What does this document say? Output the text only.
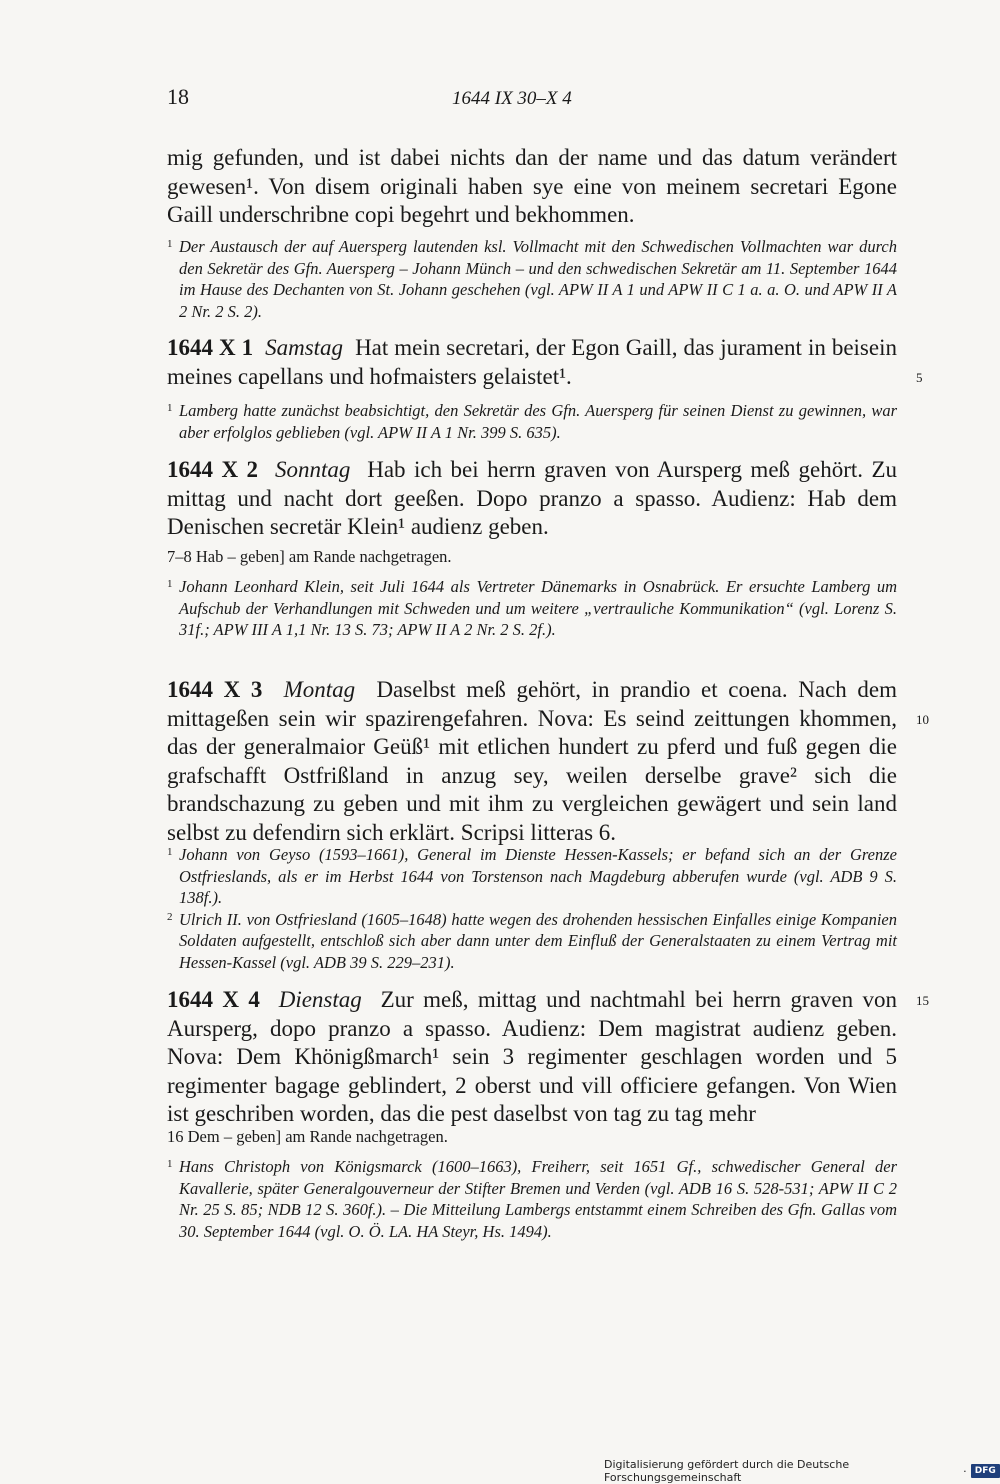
18	1644 IX 30–X 4
mig gefunden, und ist dabei nichts dan der name und das datum verändert gewesen¹. Von disem originali haben sye eine von meinem secretari Egone Gaill underschribne copi begehrt und bekhommen.
1 Der Austausch der auf Auersperg lautenden ksl. Vollmacht mit den Schwedischen Vollmachten war durch den Sekretär des Gfn. Auersperg – Johann Münch – und den schwedischen Sekretär am 11. September 1644 im Hause des Dechanten von St. Johann geschehen (vgl. APW II A 1 und APW II C 1 a. a. O. und APW II A 2 Nr. 2 S. 2).
1644 X 1 Samstag Hat mein secretari, der Egon Gaill, das jurament in beisein meines capellans und hofmaisters gelaistet¹.
1 Lamberg hatte zunächst beabsichtigt, den Sekretär des Gfn. Auersperg für seinen Dienst zu gewinnen, war aber erfolglos geblieben (vgl. APW II A 1 Nr. 399 S. 635).
1644 X 2 Sonntag Hab ich bei herrn graven von Aursperg meß gehört. Zu mittag und nacht dort geeßen. Dopo pranzo a spasso. Audienz: Hab dem Denischen secretär Klein¹ audienz geben.
7–8 Hab – geben] am Rande nachgetragen.
1 Johann Leonhard Klein, seit Juli 1644 als Vertreter Dänemarks in Osnabrück. Er ersuchte Lamberg um Aufschub der Verhandlungen mit Schweden und um weitere „vertrauliche Kommunikation“ (vgl. Lorenz S. 31f.; APW III A 1,1 Nr. 13 S. 73; APW II A 2 Nr. 2 S. 2f.).
1644 X 3 Montag Daselbst meß gehört, in prandio et coena. Nach dem mittageßen sein wir spazirengefahren. Nova: Es seind zeittungen khommen, das der generalmaior Geüß¹ mit etlichen hundert zu pferd und fuß gegen die grafschafft Ostfrißland in anzug sey, weilen derselbe grave² sich die brandschazung zu geben und mit ihm zu vergleichen gewägert und sein land selbst zu defendirn sich erklärt. Scripsi litteras 6.
1 Johann von Geyso (1593–1661), General im Dienste Hessen-Kassels; er befand sich an der Grenze Ostfrieslands, als er im Herbst 1644 von Torstenson nach Magdeburg abberufen wurde (vgl. ADB 9 S. 138f.).
2 Ulrich II. von Ostfriesland (1605–1648) hatte wegen des drohenden hessischen Einfalles einige Kompanien Soldaten aufgestellt, entschloß sich aber dann unter dem Einfluß der Generalstaaten zu einem Vertrag mit Hessen-Kassel (vgl. ADB 39 S. 229–231).
1644 X 4 Dienstag Zur meß, mittag und nachtmahl bei herrn graven von Aursperg, dopo pranzo a spasso. Audienz: Dem magistrat audienz geben. Nova: Dem Khönigßmarch¹ sein 3 regimenter geschlagen worden und 5 regimenter bagage geblindert, 2 oberst und vill officiere gefangen. Von Wien ist geschriben worden, das die pest daselbst von tag zu tag mehr
16 Dem – geben] am Rande nachgetragen.
1 Hans Christoph von Königsmarck (1600–1663), Freiherr, seit 1651 Gf., schwedischer General der Kavallerie, später Generalgouverneur der Stifter Bremen und Verden (vgl. ADB 16 S. 528-531; APW II C 2 Nr. 25 S. 85; NDB 12 S. 360f.). – Die Mitteilung Lambergs entstammt einem Schreiben des Gfn. Gallas vom 30. September 1644 (vgl. O. Ö. LA. HA Steyr, Hs. 1494).
5
10
15
Digitalisierung gefördert durch die Deutsche Forschungsgemeinschaft	· DFG
